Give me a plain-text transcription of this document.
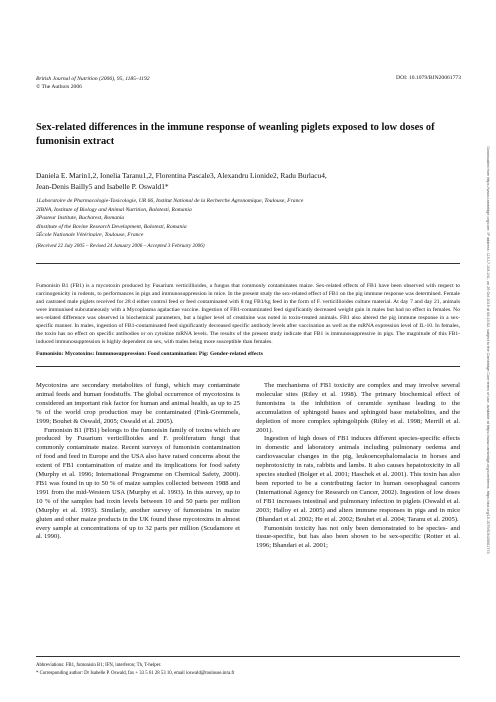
British Journal of Nutrition (2006), 95, 1185–1192
© The Authors 2006
DOI: 10.1079/BJN20061773
Sex-related differences in the immune response of weanling piglets exposed to low doses of fumonisin extract
Daniela E. Marin1,2, Ionelia Taranu1,2, Florentina Pascale3, Alexandru Lionide2, Radu Burlacu4,
Jean-Denis Bailly5 and Isabelle P. Oswald1*
1Laboratoire de Pharmacologie-Toxicologie, UR 66, Institut National de la Recherche Agronomique, Toulouse, France
2IBNA, Institute of Biology and Animal Nutrition, Balotesti, Romania
3Pasteur Institute, Bucharest, Romania
4Institute of the Bovine Research Development, Balotesti, Romania
5École Nationale Vétérinaire, Toulouse, France
(Received 22 July 2005 – Revised 24 January 2006 – Accepted 3 February 2006)
Fumonisin B1 (FB1) is a mycotoxin produced by Fusarium verticillioides, a fungus that commonly contaminates maize. Sex-related effects of FB1 have been observed with respect to carcinogenicity in rodents, to performances in pigs and immunosuppression in mice. In the present study the sex-related effect of FB1 on the pig immune response was determined. Female and castrated male piglets received for 28 d either control feed or feed contaminated with 8 mg FB1/kg feed in the form of F. verticillioides culture material. At day 7 and day 21, animals were immunised subcutaneously with a Mycoplasma agalactiae vaccine. Ingestion of FB1-contaminated feed significantly decreased weight gain in males but had no effect in females. No sex-related difference was observed in biochemical parameters, but a higher level of creatinine was noted in toxin-treated animals. FB1 also altered the pig immune response in a sex-specific manner. In males, ingestion of FB1-contaminated feed significantly decreased specific antibody levels after vaccination as well as the mRNA expression level of IL-10. In females, the toxin has no effect on specific antibodies or on cytokine mRNA levels. The results of the present study indicate that FB1 is immunosuppressive in pigs. The magnitude of this FB1-induced immunosuppression is highly dependent on sex, with males being more susceptible than females.
Fumonisin: Mycotoxins: Immunosuppression: Food contamination: Pig: Gender-related effects

Mycotoxins are secondary metabolites of fungi, which may contaminate animal feeds and human foodstuffs. The global occurrence of mycotoxins is considered an important risk factor for human and animal health, as up to 25 % of the world crop production may be contaminated (Fink-Gremmels, 1999; Bouhet & Oswald, 2005; Oswald et al. 2005).

Fumonisin B1 (FB1) belongs to the fumonisin family of toxins which are produced by Fusarium verticillioides and F. proliferatum fungi that commonly contaminate maize. Recent surveys of fumonisin contamination of food and feed in Europe and the USA also have raised concerns about the extent of FB1 contamination of maize and its implications for food safety (Murphy et al. 1996; International Programme on Chemical Safety, 2000). FB1 was found in up to 50 % of maize samples collected between 1988 and 1991 from the mid-Western USA (Murphy et al. 1993). In this survey, up to 10 % of the samples had toxin levels between 10 and 50 parts per million (Murphy et al. 1993). Similarly, another survey of fumonisins in maize gluten and other maize products in the UK found these mycotoxins in almost every sample at concentrations of up to 32 parts per million (Scudamore et al. 1990).

The mechanisms of FB1 toxicity are complex and may involve several molecular sites (Riley et al. 1998). The primary biochemical effect of fumonisins is the inhibition of ceramide synthase leading to the accumulation of sphingoid bases and sphingoid base metabolites, and the depletion of more complex sphingolipids (Riley et al. 1998; Merrill et al. 2001).

Ingestion of high doses of FB1 induces different species-specific effects in domestic and laboratory animals including pulmonary oedema and cardiovascular changes in the pig, leukoencephalomalacia in horses and nephrotoxicity in rats, rabbits and lambs. It also causes hepatotoxicity in all species studied (Bolger et al. 2001; Haschek et al. 2001). This toxin has also been reported to be a contributing factor in human oesophageal cancers (International Agency for Research on Cancer, 2002). Ingestion of low doses of FB1 increases intestinal and pulmonary infection in piglets (Oswald et al. 2003; Halloy et al. 2005) and alters immune responses in pigs and in mice (Bhandari et al. 2002; He et al. 2002; Bouhet et al. 2004; Taranu et al. 2005).

Fumonisin toxicity has not only been demonstrated to be species- and tissue-specific, but has also been shown to be sex-specific (Rotter et al. 1996; Bhandari et al. 2001;

Abbreviations: FB1, fumonisin B1; IFN, interferon; Th, T-helper.
* Corresponding author: Dr Isabelle P. Oswald, fax + 33 5 61 28 53 10, email ioswald@toulouse.inra.fr
Downloaded from https://www.cambridge.org/core. IP address: 115.17.103.241, on 29 Oct 2019 at 06:15:52, subject to the Cambridge Core terms of use, available at https://www.cambridge.org/core/terms. https://doi.org/10.1079/BJN20061773
